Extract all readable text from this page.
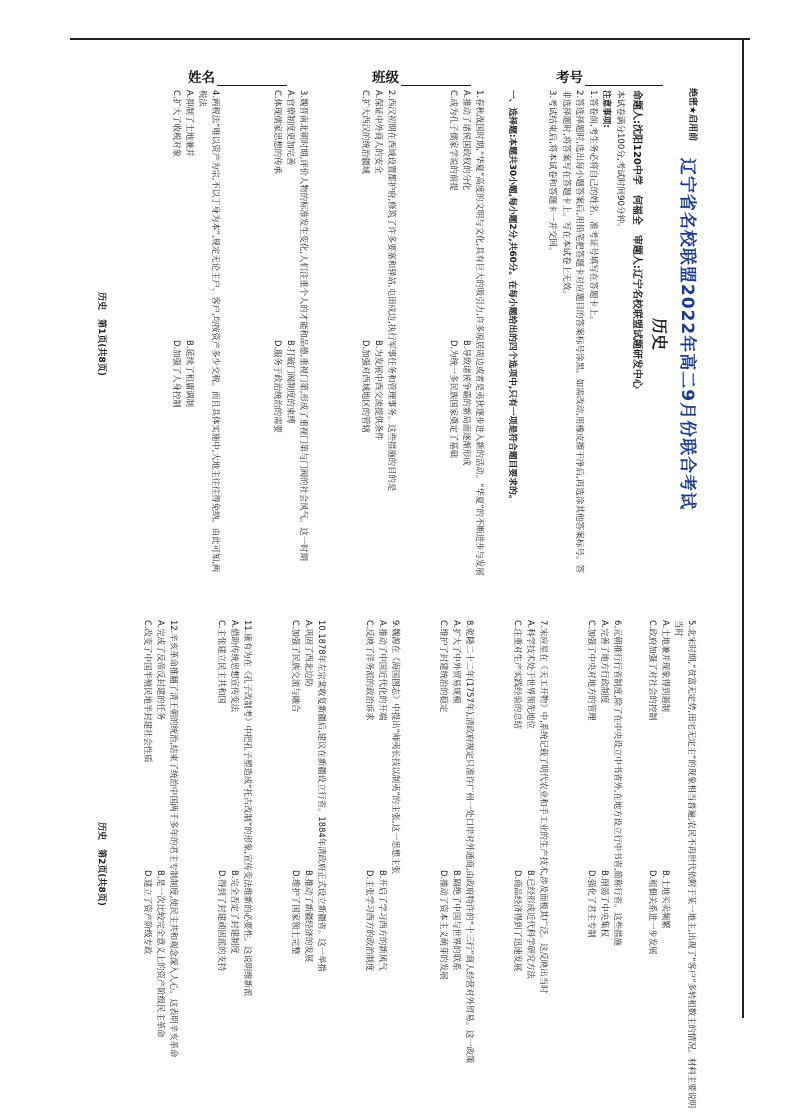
姓名	班级	考号
绝密★启用前
辽宁省名校联盟2022年高二9月份联合考试
历史
命题人:沈阳120中学　何福全　审题人:辽宁名校联盟试题研发中心

本试卷满分100分,考试时间90分钟。

注意事项:

1.答卷前,考生务必将自己的姓名、准考证号填写在答题卡上。

2.答选择题时,选出每小题答案后,用铅笔把答题卡对应题目的答案标号涂黑。如需改动,用橡皮擦干净后,再选涂其他答案标号。答非选择题时,将答案写在答题卡上。写在本试卷上无效。

3.考试结束后,将本试卷和答题卡一并交回。

一、选择题:本题共30小题,每小题2分,共60分。在每小题给出的四个选项中,只有一项是符合题目要求的。

1.春秋战国时期,“华夏”高度的文明与文化,具有巨大的吸引力,许多原居周边或者是夷狄逐步进入新的活动。“华夏”的不断进步与发展

A.推动了诸侯国政权的分化
B.导致诸侯争霸的新局面逐渐形成
C.成为孔子儒家学说的前提
D.为统一多民族国家奠定了基础

2.西汉初期在西域设置都护府,修筑了许多要塞和驿站,屯田戍边,执行军事任务和管理事务。这些措施的目的是

A.保证中外商人的安全
B.为发展中西交流提供条件
C.扩大西汉的统治疆域
D.加强对西域地区的管辖

3.魏晋南北朝时期,评价人物的标准发生变化,人们注重个人的才能和品德,重视门第,形成了重视门第与门阀的社会风气。这一时期

A.官僚制度更加完善
B.打破门阀制度的束缚
C.体现儒家思想的传承
D.服务于政治统治的需要

4.两税法“唯以资产为宗,不以丁身为本”,规定无论主户、客户,均按资产多少交税。而且具体实施中,大地主往往得免纳。由此可知,两税法

A.抑制了土地兼并
B.延续了租庸调制
C.扩大了收税对象
D.加强了人身控制
历史　第1页(共8页)

5.北宋时期,“贫富无定势,田宅无定主”的现象相当普遍,农民不再世代依附于某一地主,出现了“客户”多转租数主的情况。材料主要说明当时

A.土地兼并现象得到遏制
B.土地买卖频繁
C.政府加强了对社会的控制
D.租佃关系进一步发展

6.元朝推行行省制度,除了在中央设立中书省外,在地方设立行中书省,简称行省。这些措施

A.完善了地方行政制度
B.削弱了中央集权
C.加强了中央对地方的管理
D.强化了君主专制

7.宋应星在《天工开物》中,系统记载了明代农业和手工业的生产技术,涉及面极其广泛。这反映出当时

A.科学技术处于世界领先地位
B.已经形成近代科学研究方法
C.注重对生产实践经验的总结
D.商品经济得到了迅速发展

8.乾隆二十二年(1757年),清政府规定只准许广州一处口岸对外通商,由政府特许的“十三行”商人经营对外贸易。这一政策

A.扩大了中外贸易规模
B.隔绝了中国与世界的联系
C.维护了封建统治的稳定
D.推动了资本主义萌芽的发展

9.魏源在《海国图志》中提出“师夷长技以制夷”的主张,这一思想主张

A.推动了中国近代化的开端
B.开启了学习西方的新风气
C.反映了洋务派的政治诉求
D.主张学习西方的政治制度

10.1878年左宗棠收复新疆后,建议在新疆设立行省。1884年清政府正式设立新疆省。这一举措

A.巩固了西北边防
B.推动了新疆经济的发展
C.加强了民族交流与融合
D.维护了国家领土完整

11.康有为在《孔子改制考》中把孔子塑造成“托古改制”的形象,宣传变法维新的必要性。这说明维新派

A.借助传统思想宣传变法
B.完全否定了封建制度
C.主张建立民主共和国
D.得到了封建顽固派的支持

12.辛亥革命推翻了清王朝的统治,结束了统治中国两千多年的君主专制制度,使民主共和观念深入人心。这表明辛亥革命

A.完成了反帝反封建的任务
B.是一次比较完全意义上的资产阶级民主革命
C.改变了中国半殖民地半封建社会性质
D.建立了资产阶级专政
历史　第2页(共8页)
